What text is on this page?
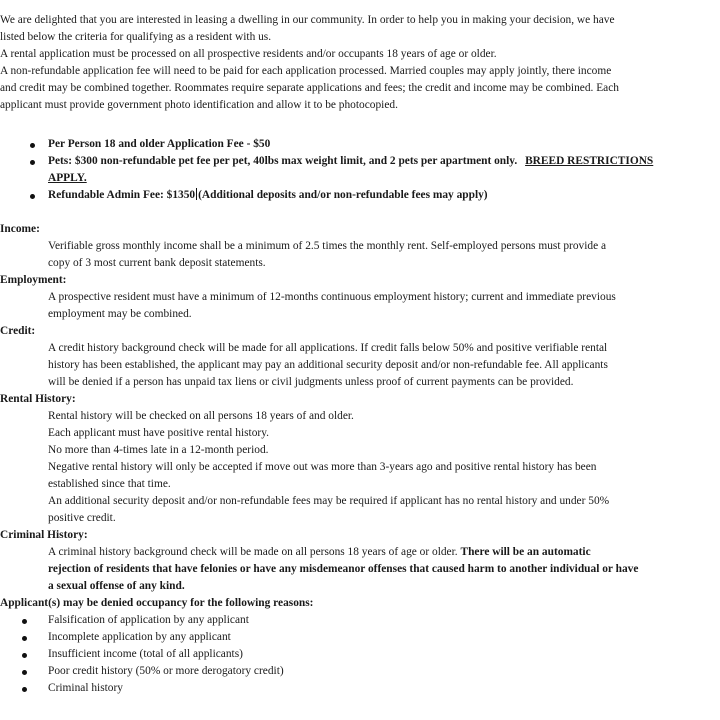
We are delighted that you are interested in leasing a dwelling in our community. In order to help you in making your decision, we have
listed below the criteria for qualifying as a resident with us.
A rental application must be processed on all prospective residents and/or occupants 18 years of age or older.
A non-refundable application fee will need to be paid for each application processed. Married couples may apply jointly, there income
and credit may be combined together. Roommates require separate applications and fees; the credit and income may be combined. Each
applicant must provide government photo identification and allow it to be photocopied.
Per Person 18 and older Application Fee - $50
Pets: $300 non-refundable pet fee per pet, 40lbs max weight limit, and 2 pets per apartment only. BREED RESTRICTIONS
APPLY.
Refundable Admin Fee: $1350 (Additional deposits and/or non-refundable fees may apply)
Income:
Verifiable gross monthly income shall be a minimum of 2.5 times the monthly rent. Self-employed persons must provide a
copy of 3 most current bank deposit statements.
Employment:
A prospective resident must have a minimum of 12-months continuous employment history; current and immediate previous
employment may be combined.
Credit:
A credit history background check will be made for all applications. If credit falls below 50% and positive verifiable rental
history has been established, the applicant may pay an additional security deposit and/or non-refundable fee. All applicants
will be denied if a person has unpaid tax liens or civil judgments unless proof of current payments can be provided.
Rental History:
Rental history will be checked on all persons 18 years of and older.
Each applicant must have positive rental history.
No more than 4-times late in a 12-month period.
Negative rental history will only be accepted if move out was more than 3-years ago and positive rental history has been
established since that time.
An additional security deposit and/or non-refundable fees may be required if applicant has no rental history and under 50%
positive credit.
Criminal History:
A criminal history background check will be made on all persons 18 years of age or older. There will be an automatic
rejection of residents that have felonies or have any misdemeanor offenses that caused harm to another individual or have
a sexual offense of any kind.
Applicant(s) may be denied occupancy for the following reasons:
Falsification of application by any applicant
Incomplete application by any applicant
Insufficient income (total of all applicants)
Poor credit history (50% or more derogatory credit)
Criminal history
